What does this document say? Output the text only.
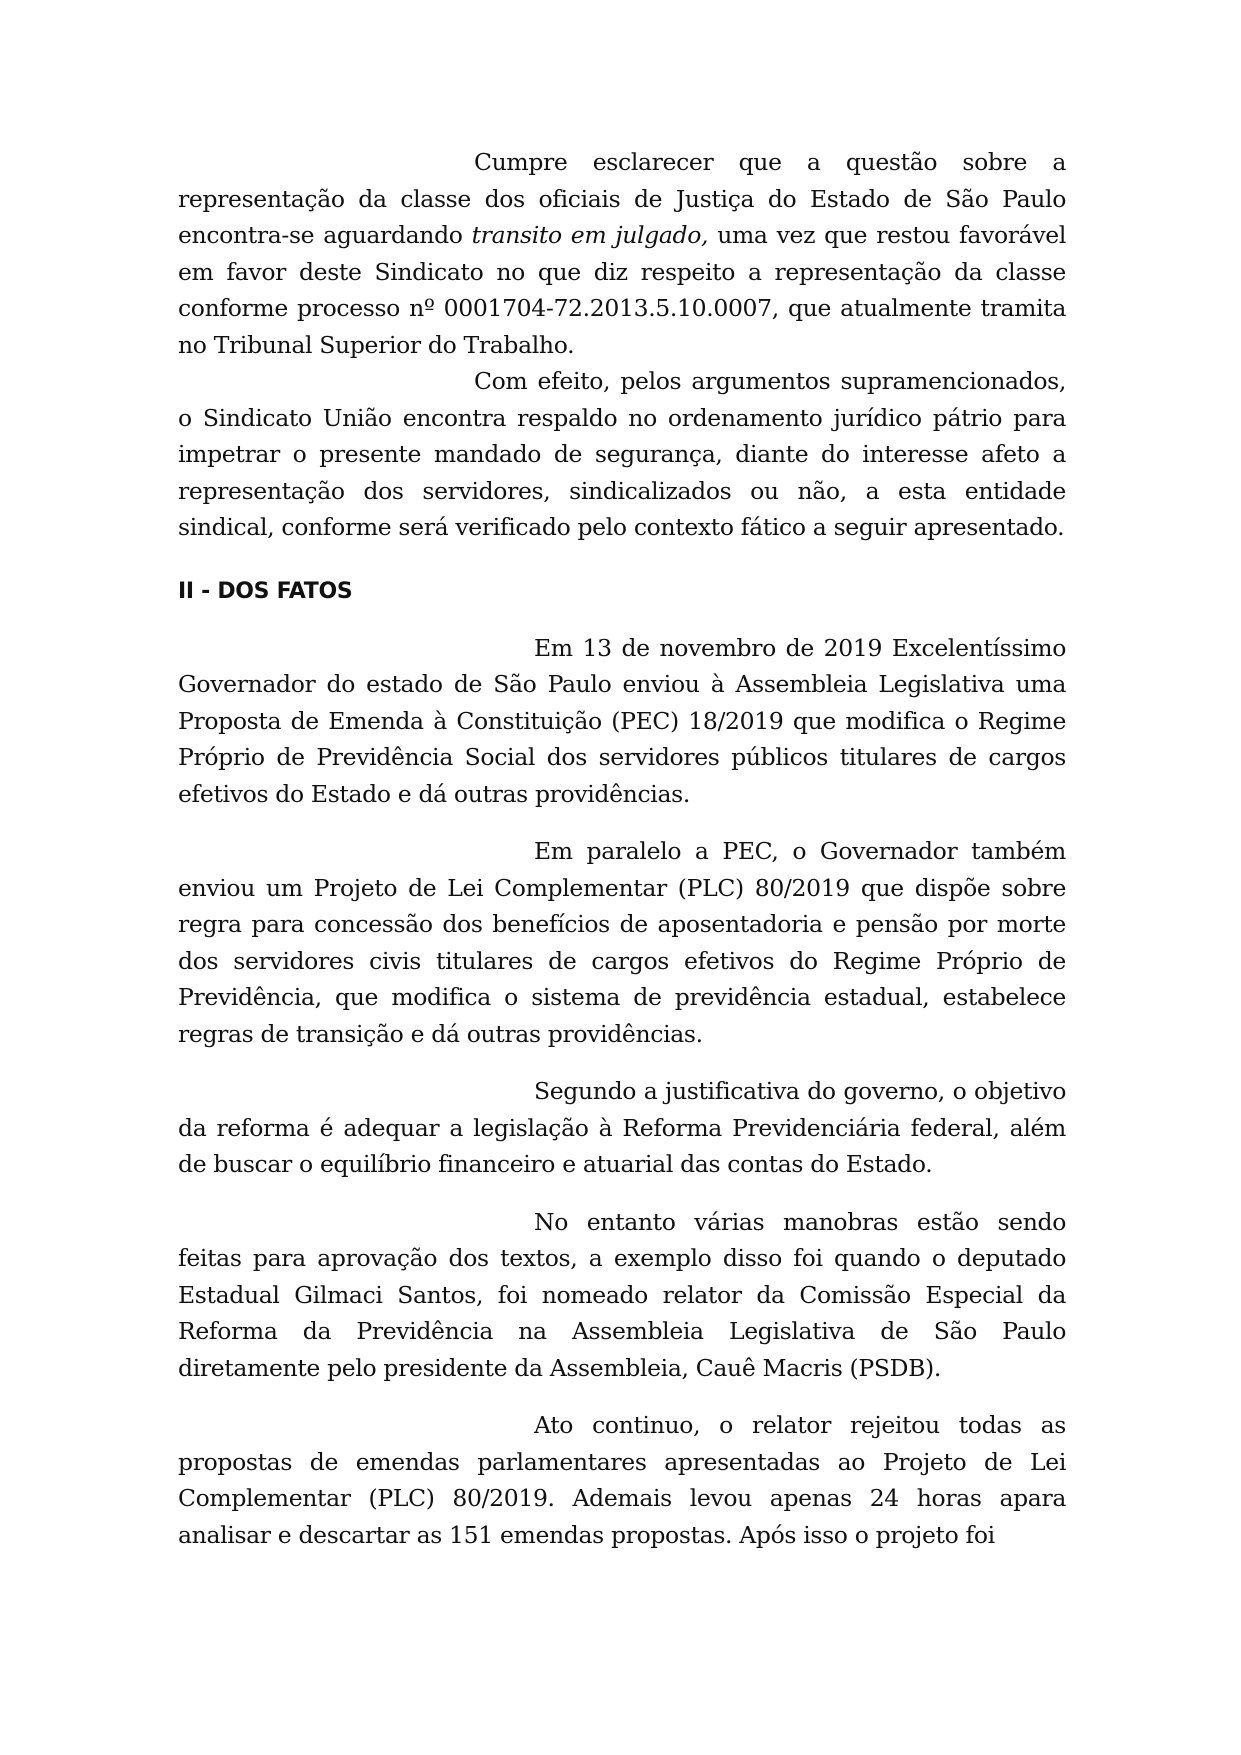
Cumpre esclarecer que a questão sobre a representação da classe dos oficiais de Justiça do Estado de São Paulo encontra-se aguardando transito em julgado, uma vez que restou favorável em favor deste Sindicato no que diz respeito a representação da classe conforme processo nº 0001704-72.2013.5.10.0007, que atualmente tramita no Tribunal Superior do Trabalho.

Com efeito, pelos argumentos supramencionados, o Sindicato União encontra respaldo no ordenamento jurídico pátrio para impetrar o presente mandado de segurança, diante do interesse afeto a representação dos servidores, sindicalizados ou não, a esta entidade sindical, conforme será verificado pelo contexto fático a seguir apresentado.

II - DOS FATOS

Em 13 de novembro de 2019 Excelentíssimo Governador do estado de São Paulo enviou à Assembleia Legislativa uma Proposta de Emenda à Constituição (PEC) 18/2019 que modifica o Regime Próprio de Previdência Social dos servidores públicos titulares de cargos efetivos do Estado e dá outras providências.

Em paralelo a PEC, o Governador também enviou um Projeto de Lei Complementar (PLC) 80/2019 que dispõe sobre regra para concessão dos benefícios de aposentadoria e pensão por morte dos servidores civis titulares de cargos efetivos do Regime Próprio de Previdência, que modifica o sistema de previdência estadual, estabelece regras de transição e dá outras providências.

Segundo a justificativa do governo, o objetivo da reforma é adequar a legislação à Reforma Previdenciária federal, além de buscar o equilíbrio financeiro e atuarial das contas do Estado.

No entanto várias manobras estão sendo feitas para aprovação dos textos, a exemplo disso foi quando o deputado Estadual Gilmaci Santos, foi nomeado relator da Comissão Especial da Reforma da Previdência na Assembleia Legislativa de São Paulo diretamente pelo presidente da Assembleia, Cauê Macris (PSDB).

Ato continuo, o relator rejeitou todas as propostas de emendas parlamentares apresentadas ao Projeto de Lei Complementar (PLC) 80/2019. Ademais levou apenas 24 horas apara analisar e descartar as 151 emendas propostas. Após isso o projeto foi
